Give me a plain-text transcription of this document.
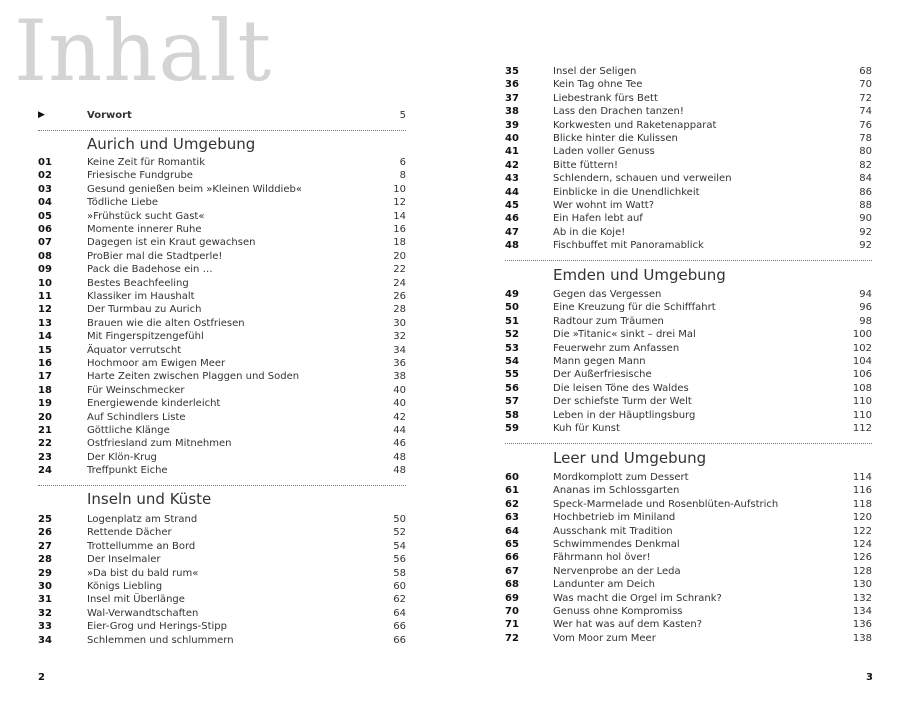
Inhalt
▶	Vorwort	5
Aurich und Umgebung
01	Keine Zeit für Romantik	6
02	Friesische Fundgrube	8
03	Gesund genießen beim »Kleinen Wilddieb«	10
04	Tödliche Liebe	12
05	»Frühstück sucht Gast«	14
06	Momente innerer Ruhe	16
07	Dagegen ist ein Kraut gewachsen	18
08	ProBier mal die Stadtperle!	20
09	Pack die Badehose ein …	22
10	Bestes Beachfeeling	24
11	Klassiker im Haushalt	26
12	Der Turmbau zu Aurich	28
13	Brauen wie die alten Ostfriesen	30
14	Mit Fingerspitzengefühl	32
15	Äquator verrutscht	34
16	Hochmoor am Ewigen Meer	36
17	Harte Zeiten zwischen Plaggen und Soden	38
18	Für Weinschmecker	40
19	Energiewende kinderleicht	40
20	Auf Schindlers Liste	42
21	Göttliche Klänge	44
22	Ostfriesland zum Mitnehmen	46
23	Der Klön-Krug	48
24	Treffpunkt Eiche	48
Inseln und Küste
25	Logenplatz am Strand	50
26	Rettende Dächer	52
27	Trottellumme an Bord	54
28	Der Inselmaler	56
29	»Da bist du bald rum«	58
30	Königs Liebling	60
31	Insel mit Überlänge	62
32	Wal-Verwandtschaften	64
33	Eier-Grog und Herings-Stipp	66
34	Schlemmen und schlummern	66
2
35	Insel der Seligen	68
36	Kein Tag ohne Tee	70
37	Liebestrank fürs Bett	72
38	Lass den Drachen tanzen!	74
39	Korkwesten und Raketenapparat	76
40	Blicke hinter die Kulissen	78
41	Laden voller Genuss	80
42	Bitte füttern!	82
43	Schlendern, schauen und verweilen	84
44	Einblicke in die Unendlichkeit	86
45	Wer wohnt im Watt?	88
46	Ein Hafen lebt auf	90
47	Ab in die Koje!	92
48	Fischbuffet mit Panoramablick	92
Emden und Umgebung
49	Gegen das Vergessen	94
50	Eine Kreuzung für die Schifffahrt	96
51	Radtour zum Träumen	98
52	Die »Titanic« sinkt – drei Mal	100
53	Feuerwehr zum Anfassen	102
54	Mann gegen Mann	104
55	Der Außerfriesische	106
56	Die leisen Töne des Waldes	108
57	Der schiefste Turm der Welt	110
58	Leben in der Häuptlingsburg	110
59	Kuh für Kunst	112
Leer und Umgebung
60	Mordkomplott zum Dessert	114
61	Ananas im Schlossgarten	116
62	Speck-Marmelade und Rosenblüten-Aufstrich	118
63	Hochbetrieb im Miniland	120
64	Ausschank mit Tradition	122
65	Schwimmendes Denkmal	124
66	Fährmann hol över!	126
67	Nervenprobe an der Leda	128
68	Landunter am Deich	130
69	Was macht die Orgel im Schrank?	132
70	Genuss ohne Kompromiss	134
71	Wer hat was auf dem Kasten?	136
72	Vom Moor zum Meer	138
3
